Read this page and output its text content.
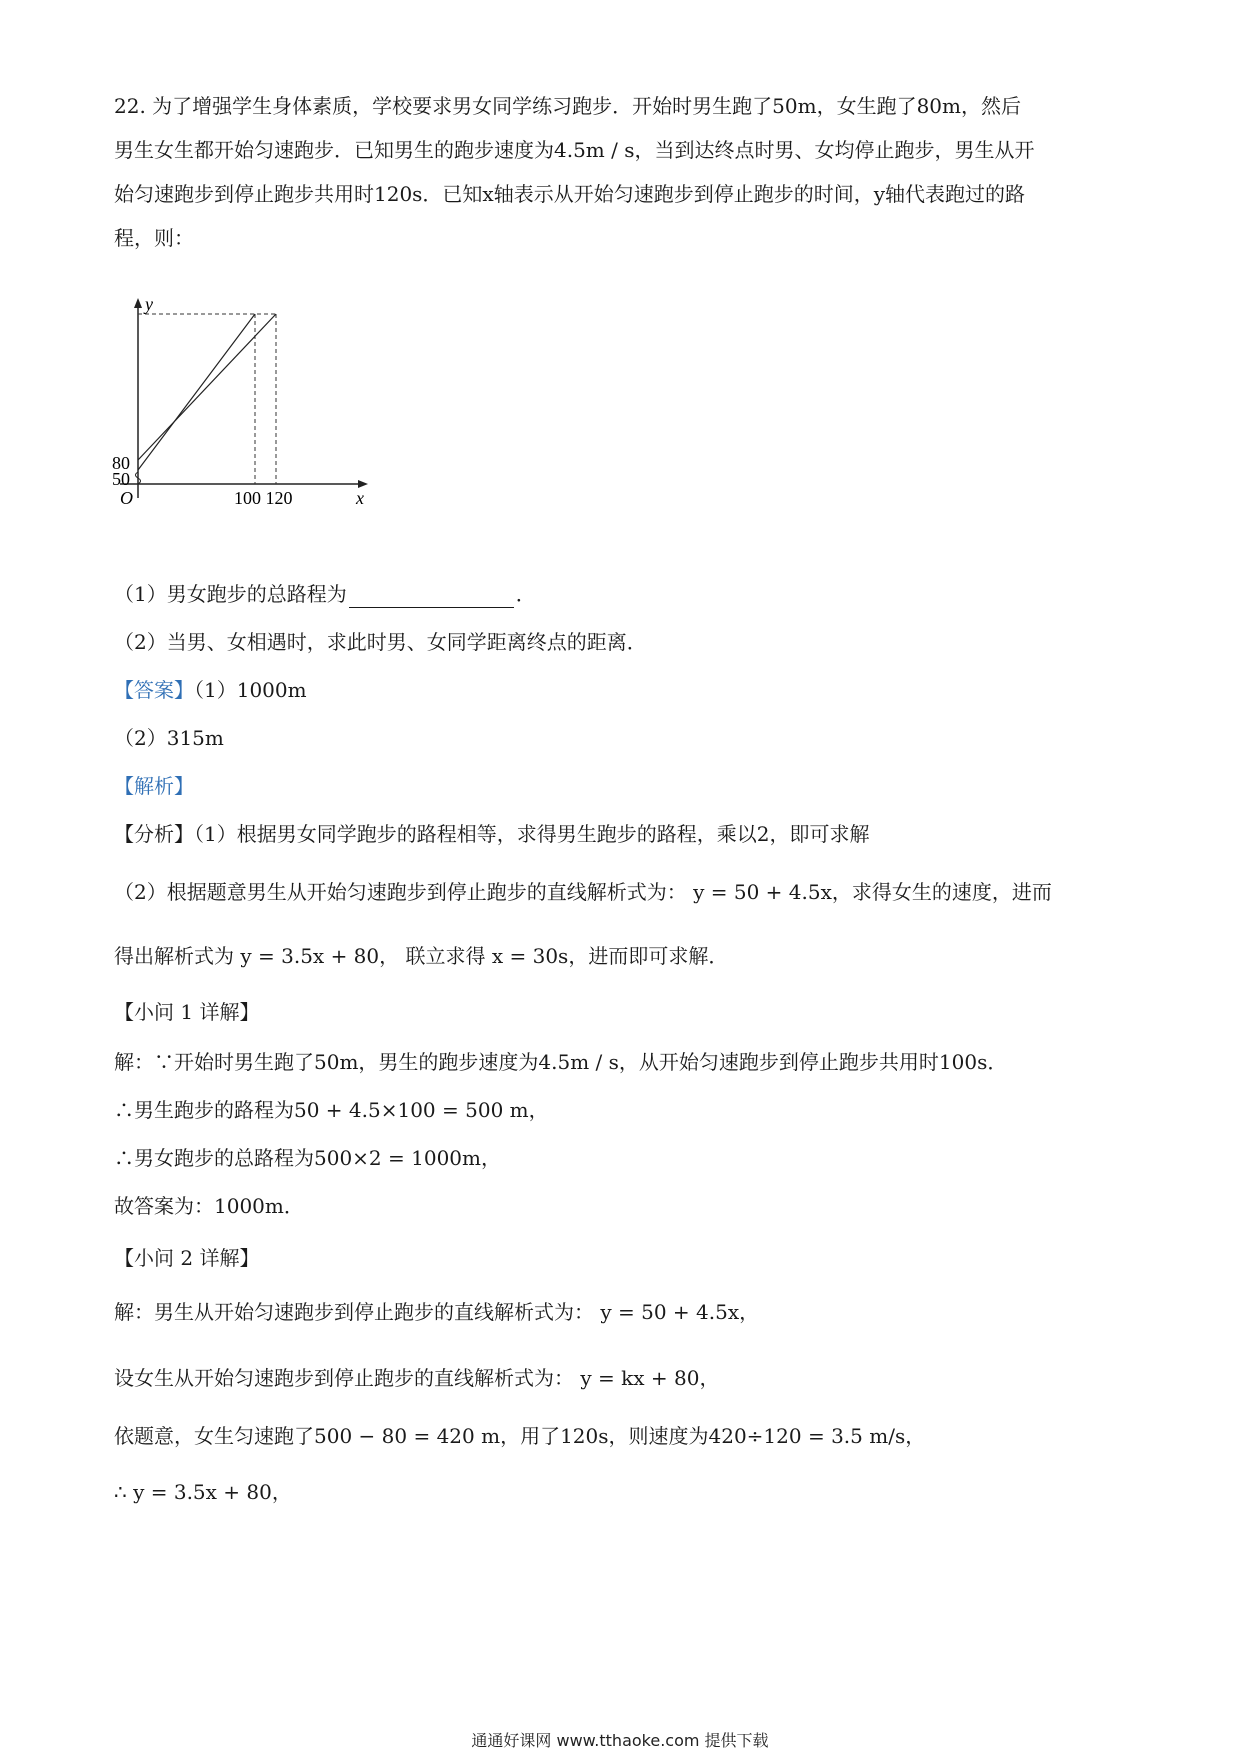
22. 为了增强学生身体素质，学校要求男女同学练习跑步．开始时男生跑了50m，女生跑了80m，然后
男生女生都开始匀速跑步．已知男生的跑步速度为4.5m / s，当到达终点时男、女均停止跑步，男生从开
始匀速跑步到停止跑步共用时120s．已知x轴表示从开始匀速跑步到停止跑步的时间，y轴代表跑过的路
程，则：
y
80
50
O	100 120	x
（1）男女跑步的总路程为	．
（2）当男、女相遇时，求此时男、女同学距离终点的距离．
【答案】（1）1000m
（2）315m
【解析】
【分析】（1）根据男女同学跑步的路程相等，求得男生跑步的路程，乘以2，即可求解
（2）根据题意男生从开始匀速跑步到停止跑步的直线解析式为： y = 50 + 4.5x，求得女生的速度，进而
得出解析式为 y = 3.5x + 80， 联立求得 x = 30s，进而即可求解．
【小问 1 详解】
解：∵开始时男生跑了50m，男生的跑步速度为4.5m / s，从开始匀速跑步到停止跑步共用时100s．
∴男生跑步的路程为50 + 4.5×100 = 500 m，
∴男女跑步的总路程为500×2 = 1000m，
故答案为：1000m．
【小问 2 详解】
解：男生从开始匀速跑步到停止跑步的直线解析式为： y = 50 + 4.5x，
设女生从开始匀速跑步到停止跑步的直线解析式为： y = kx + 80，
依题意，女生匀速跑了500 − 80 = 420 m，用了120s，则速度为420÷120 = 3.5 m/s，
∴ y = 3.5x + 80，
通通好课网 www.tthaoke.com 提供下载
